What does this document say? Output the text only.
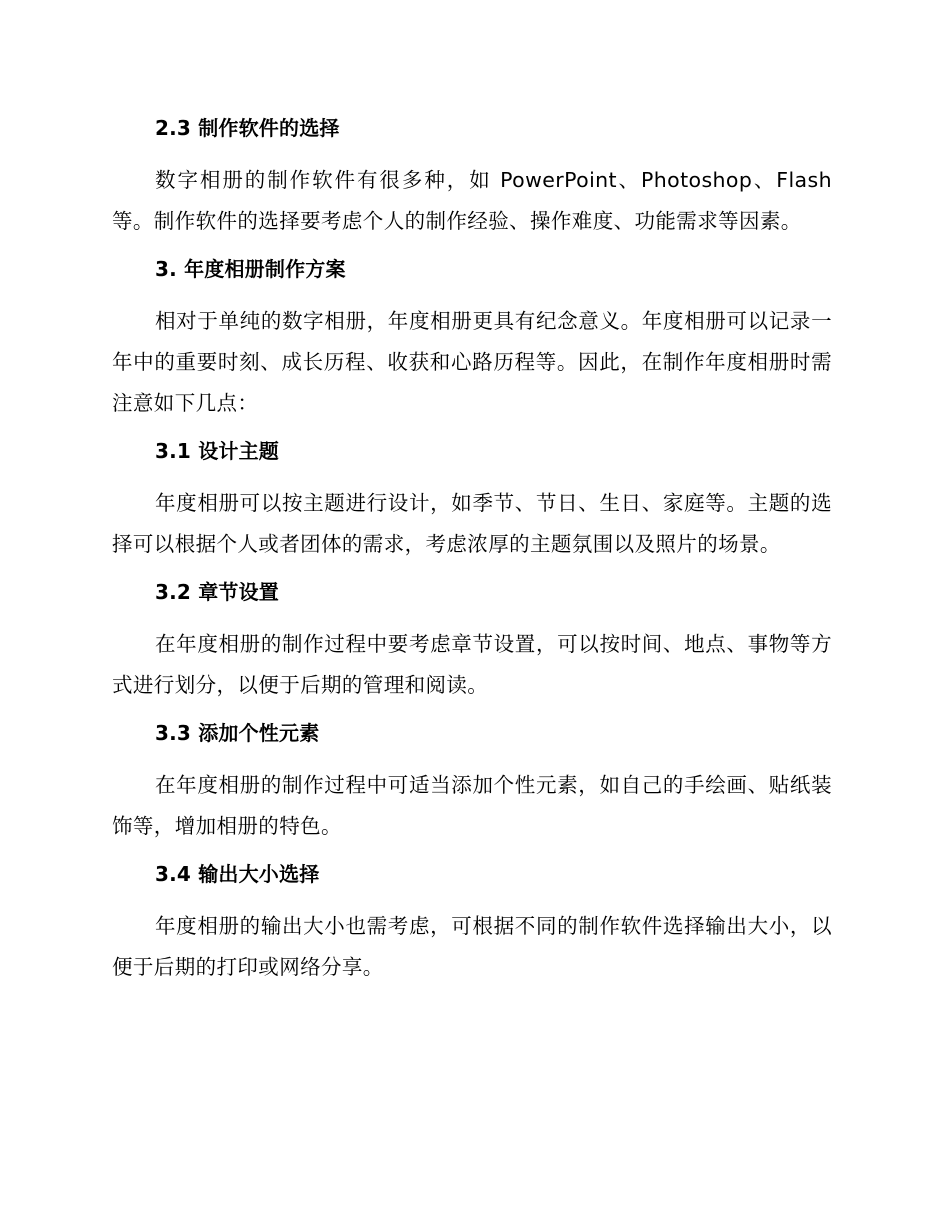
2.3 制作软件的选择

数字相册的制作软件有很多种，如 PowerPoint、Photoshop、Flash 等。制作软件的选择要考虑个人的制作经验、操作难度、功能需求等因素。

3. 年度相册制作方案

相对于单纯的数字相册，年度相册更具有纪念意义。年度相册可以记录一年中的重要时刻、成长历程、收获和心路历程等。因此，在制作年度相册时需注意如下几点：

3.1 设计主题

年度相册可以按主题进行设计，如季节、节日、生日、家庭等。主题的选择可以根据个人或者团体的需求，考虑浓厚的主题氛围以及照片的场景。

3.2 章节设置

在年度相册的制作过程中要考虑章节设置，可以按时间、地点、事物等方式进行划分，以便于后期的管理和阅读。

3.3 添加个性元素

在年度相册的制作过程中可适当添加个性元素，如自己的手绘画、贴纸装饰等，增加相册的特色。

3.4 输出大小选择

年度相册的输出大小也需考虑，可根据不同的制作软件选择输出大小，以便于后期的打印或网络分享。
